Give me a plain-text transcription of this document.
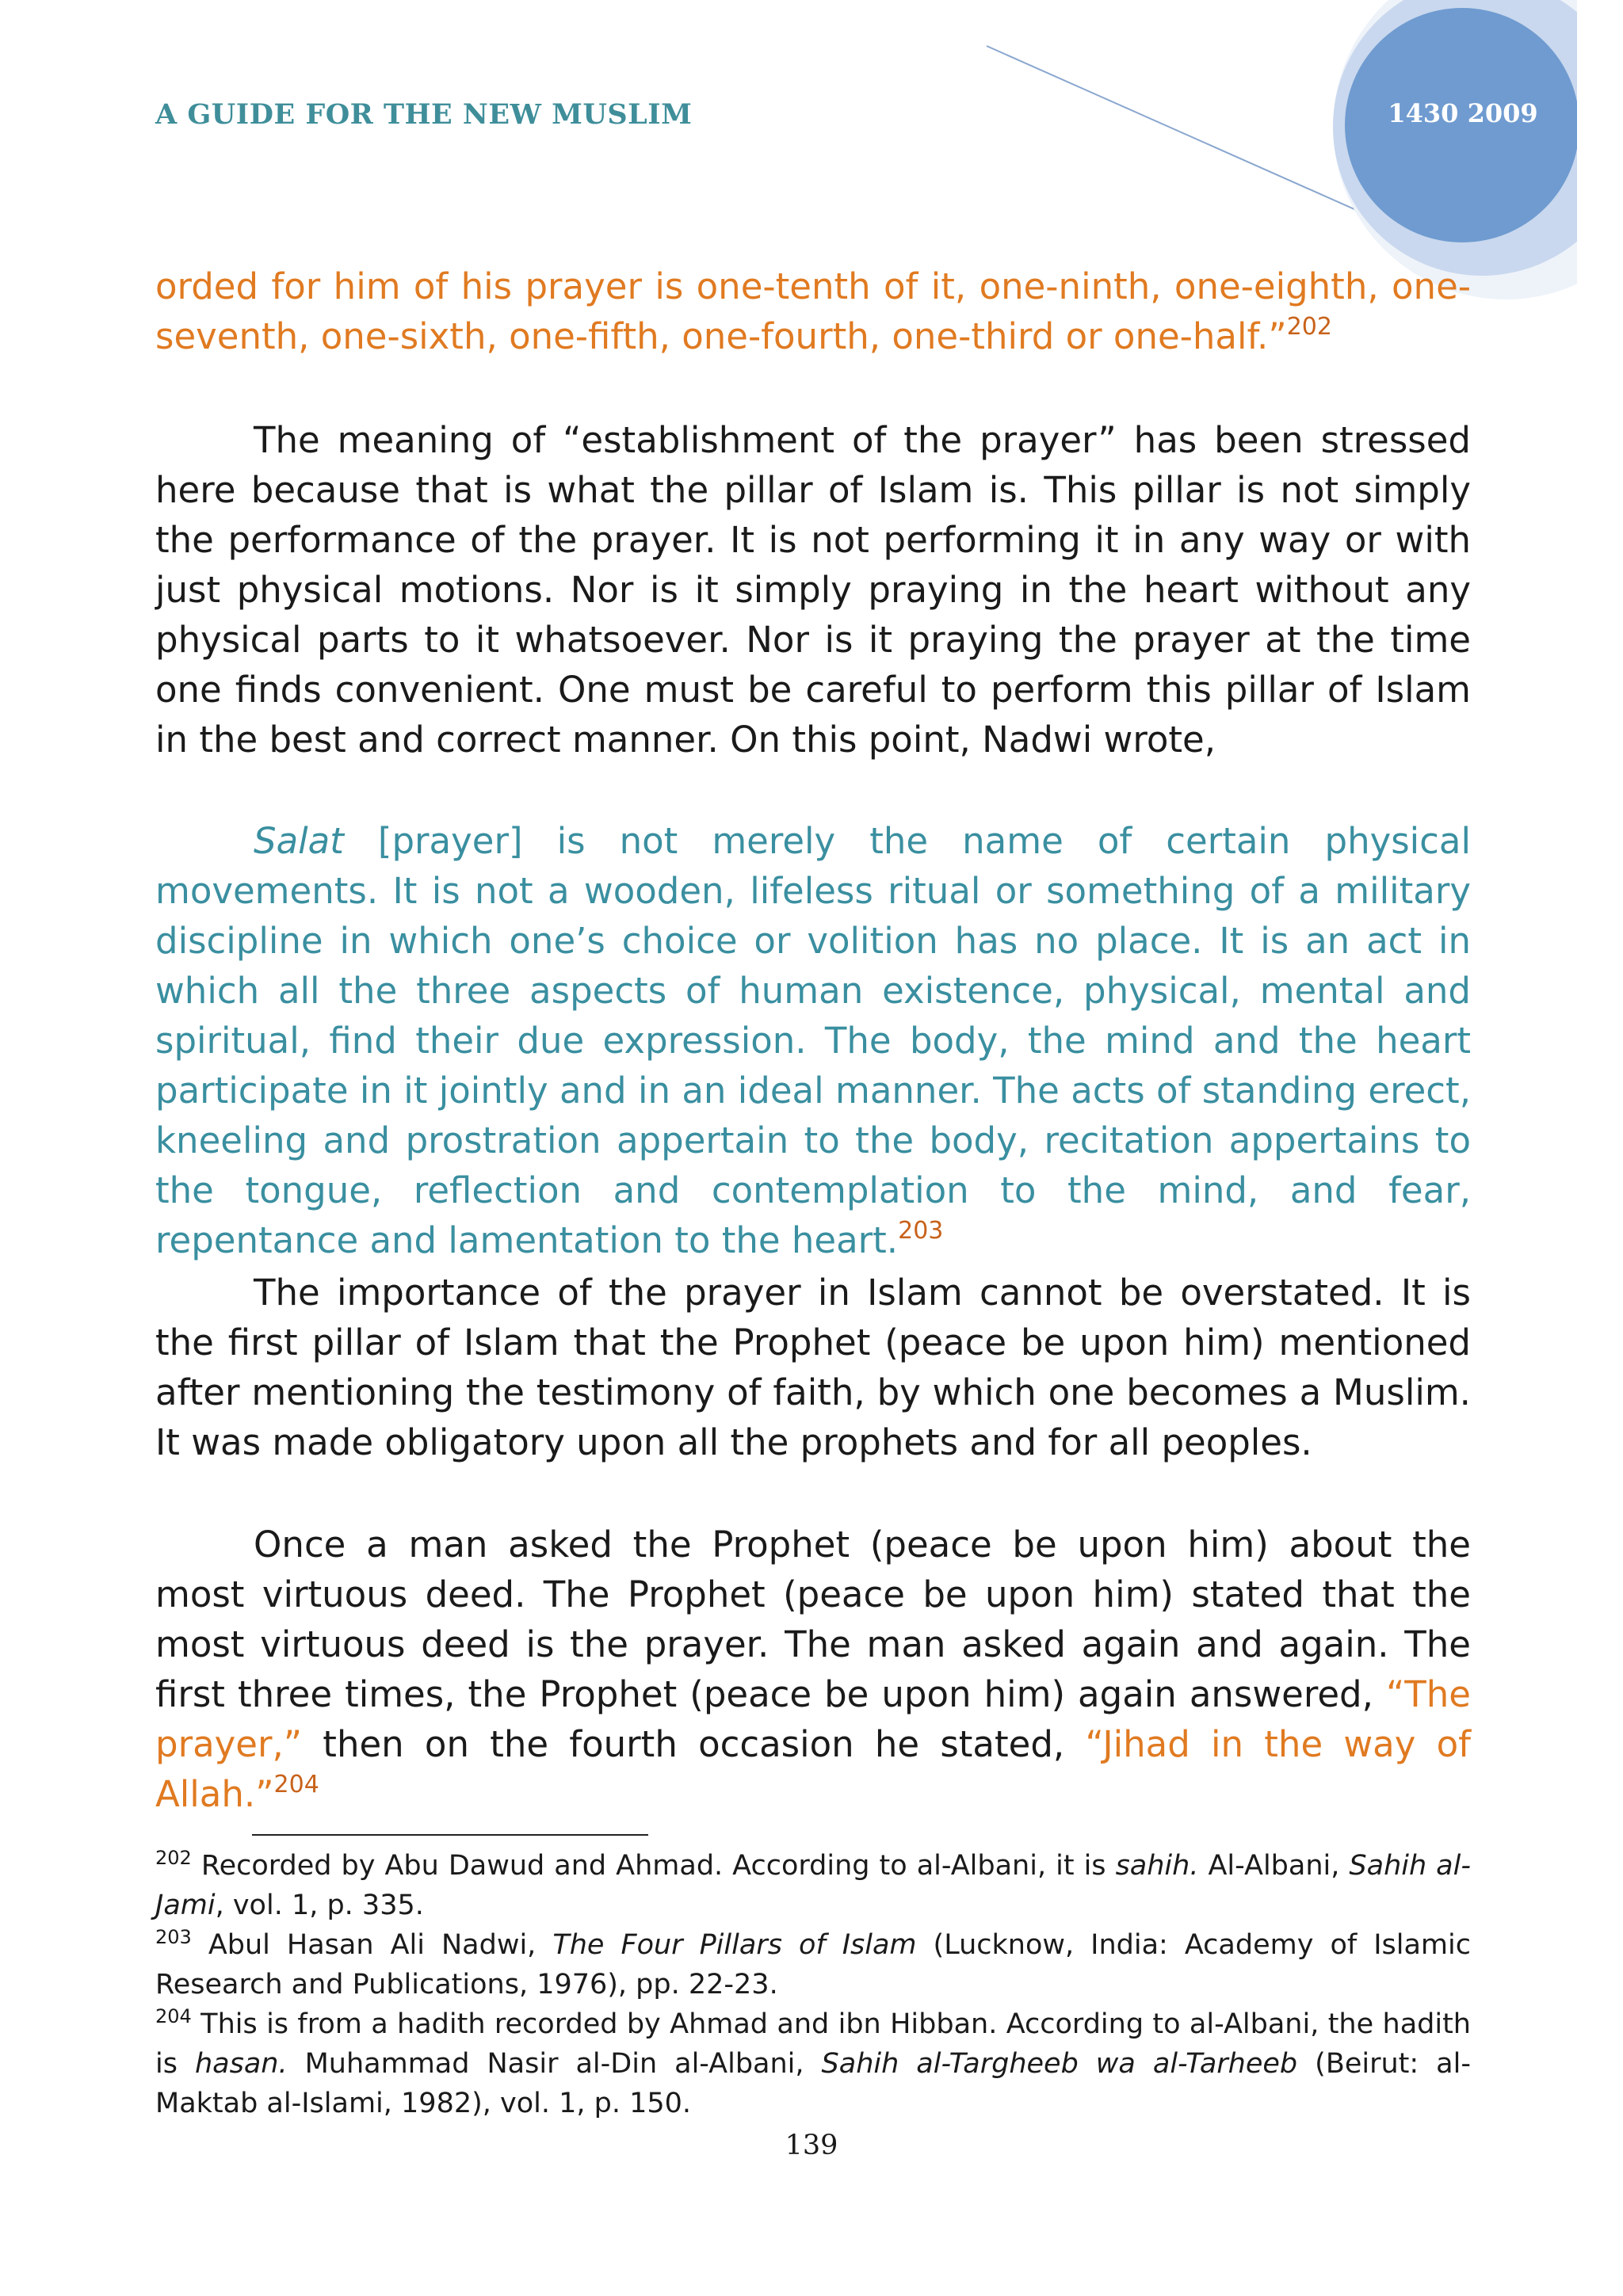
A GUIDE FOR THE NEW MUSLIM	1430 2009

orded for him of his prayer is one-tenth of it, one-ninth, one-eighth, one-seventh, one-sixth, one-fifth, one-fourth, one-third or one-half.”$^{202}$

The meaning of “establishment of the prayer” has been stressed here because that is what the pillar of Islam is. This pillar is not simply the performance of the prayer. It is not performing it in any way or with just physical motions. Nor is it simply praying in the heart without any physical parts to it whatsoever. Nor is it praying the prayer at the time one finds convenient. One must be careful to perform this pillar of Islam in the best and correct manner. On this point, Nadwi wrote,

Salat [prayer] is not merely the name of certain physical movements. It is not a wooden, lifeless ritual or something of a military discipline in which one’s choice or volition has no place. It is an act in which all the three aspects of human existence, physical, mental and spiritual, find their due expression. The body, the mind and the heart participate in it jointly and in an ideal manner. The acts of standing erect, kneeling and prostration appertain to the body, recitation appertains to the tongue, reflection and contemplation to the mind, and fear, repentance and lamentation to the heart.$^{203}$

The importance of the prayer in Islam cannot be overstated. It is the first pillar of Islam that the Prophet (peace be upon him) mentioned after mentioning the testimony of faith, by which one becomes a Muslim. It was made obligatory upon all the prophets and for all peoples.

Once a man asked the Prophet (peace be upon him) about the most virtuous deed. The Prophet (peace be upon him) stated that the most virtuous deed is the prayer. The man asked again and again. The first three times, the Prophet (peace be upon him) again answered, “The prayer,” then on the fourth occasion he stated, “Jihad in the way of Allah.”$^{204}$

$^{202}$ Recorded by Abu Dawud and Ahmad. According to al-Albani, it is sahih. Al-Albani, Sahih al-Jami, vol. 1, p. 335.

$^{203}$ Abul Hasan Ali Nadwi, The Four Pillars of Islam (Lucknow, India: Academy of Islamic Research and Publications, 1976), pp. 22-23.

$^{204}$ This is from a hadith recorded by Ahmad and ibn Hibban. According to al-Albani, the hadith is hasan. Muhammad Nasir al-Din al-Albani, Sahih al-Targheeb wa al-Tarheeb (Beirut: al-Maktab al-Islami, 1982), vol. 1, p. 150.

139
